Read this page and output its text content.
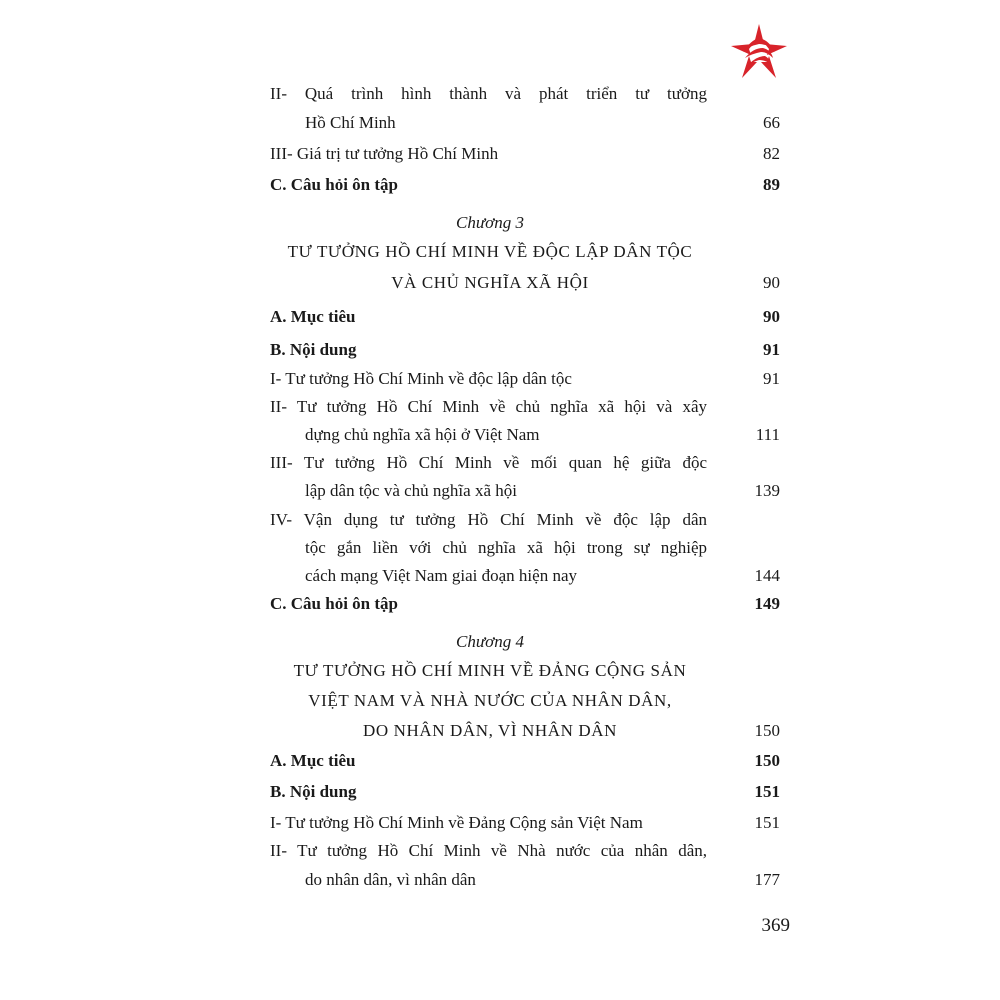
II- Quá trình hình thành và phát triển tư tưởng
Hồ Chí Minh	66
III- Giá trị tư tưởng Hồ Chí Minh	82
C. Câu hỏi ôn tập	89
Chương 3
TƯ TƯỞNG HỒ CHÍ MINH VỀ ĐỘC LẬP DÂN TỘC
VÀ CHỦ NGHĨA XÃ HỘI	90
A. Mục tiêu	90
B. Nội dung	91
I- Tư tưởng Hồ Chí Minh về độc lập dân tộc	91
II- Tư tưởng Hồ Chí Minh về chủ nghĩa xã hội và xây
dựng chủ nghĩa xã hội ở Việt Nam	111
III- Tư tưởng Hồ Chí Minh về mối quan hệ giữa độc
lập dân tộc và chủ nghĩa xã hội	139
IV- Vận dụng tư tưởng Hồ Chí Minh về độc lập dân
tộc gắn liền với chủ nghĩa xã hội trong sự nghiệp
cách mạng Việt Nam giai đoạn hiện nay	144
C. Câu hỏi ôn tập	149
Chương 4
TƯ TƯỞNG HỒ CHÍ MINH VỀ ĐẢNG CỘNG SẢN
VIỆT NAM VÀ NHÀ NƯỚC CỦA NHÂN DÂN,
DO NHÂN DÂN, VÌ NHÂN DÂN	150
A. Mục tiêu	150
B. Nội dung	151
I- Tư tưởng Hồ Chí Minh về Đảng Cộng sản Việt Nam	151
II- Tư tưởng Hồ Chí Minh về Nhà nước của nhân dân,
do nhân dân, vì nhân dân	177
369
